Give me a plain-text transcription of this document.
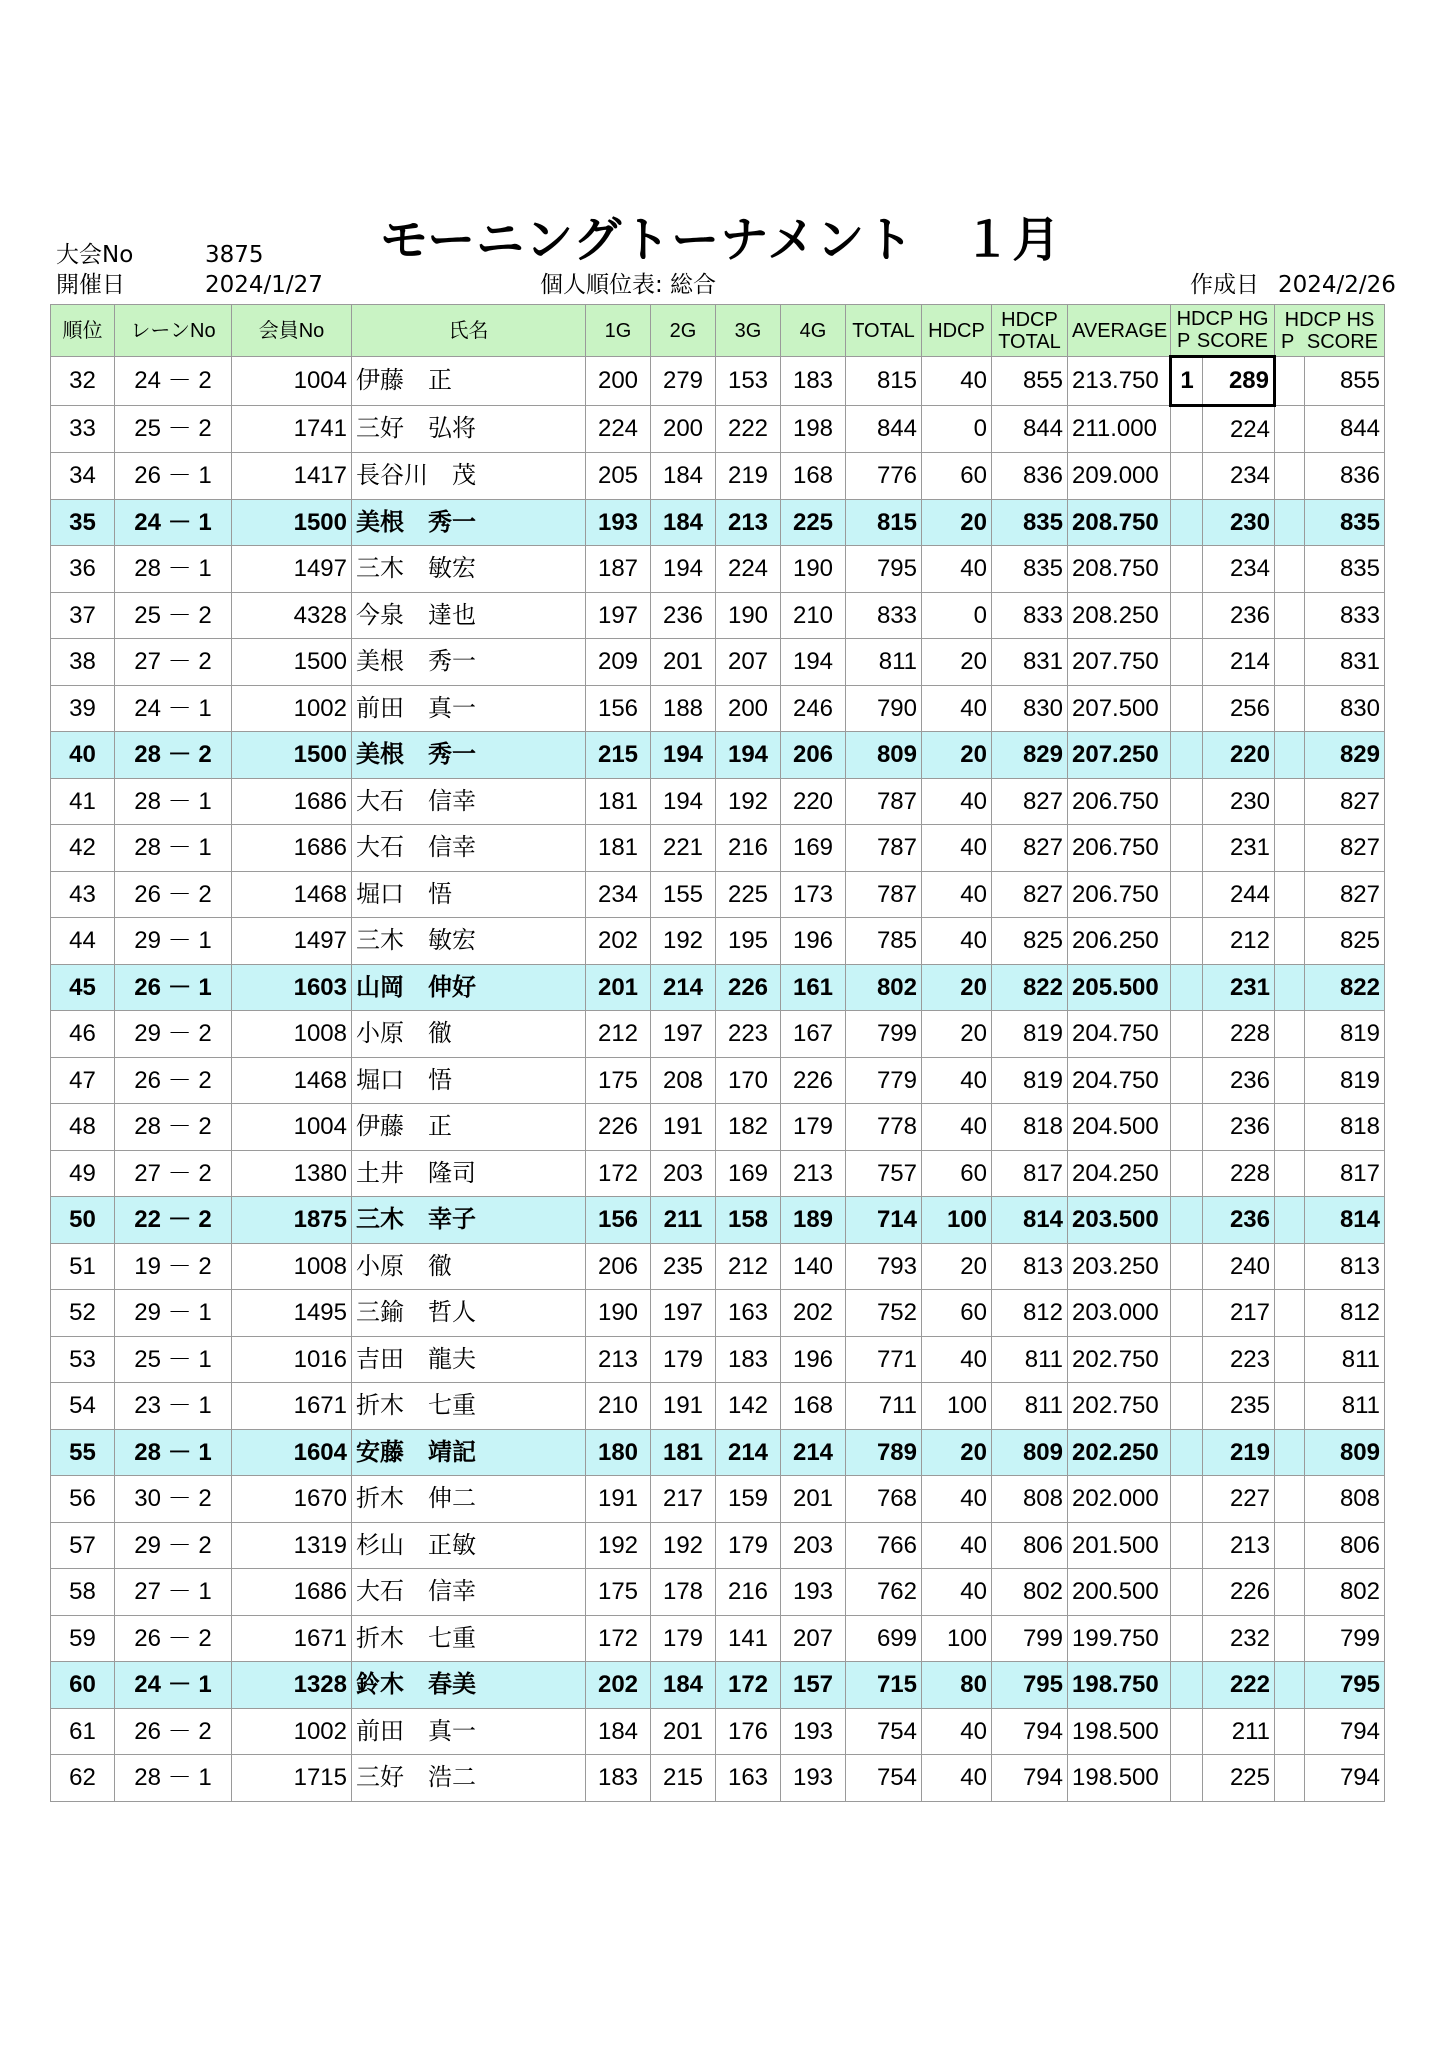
大会No	3875 モーニングトーナメント　１月
開催日	2024/1/27	個人順位表: 総合	作成日 2024/2/26
順位	レーンNo	会員No	氏名	1G	2G	3G	4G	TOTAL	HDCP	HDCP
TOTAL	AVERAGE	HDCP HG
P SCORE		HDCP HS
P SCORE	

32	24 － 2	1004	伊藤　正	200	279	153	183	815	40	855	213.750	1	289		855
33	25 － 2	1741	三好　弘将	224	200	222	198	844	0	844	211.000		224		844
34	26 － 1	1417	長谷川　茂	205	184	219	168	776	60	836	209.000		234		836
35	24 － 1	1500	美根　秀一	193	184	213	225	815	20	835	208.750		230		835
36	28 － 1	1497	三木　敏宏	187	194	224	190	795	40	835	208.750		234		835
37	25 － 2	4328	今泉　達也	197	236	190	210	833	0	833	208.250		236		833
38	27 － 2	1500	美根　秀一	209	201	207	194	811	20	831	207.750		214		831
39	24 － 1	1002	前田　真一	156	188	200	246	790	40	830	207.500		256		830
40	28 － 2	1500	美根　秀一	215	194	194	206	809	20	829	207.250		220		829
41	28 － 1	1686	大石　信幸	181	194	192	220	787	40	827	206.750		230		827
42	28 － 1	1686	大石　信幸	181	221	216	169	787	40	827	206.750		231		827
43	26 － 2	1468	堀口　悟	234	155	225	173	787	40	827	206.750		244		827
44	29 － 1	1497	三木　敏宏	202	192	195	196	785	40	825	206.250		212		825
45	26 － 1	1603	山岡　伸好	201	214	226	161	802	20	822	205.500		231		822
46	29 － 2	1008	小原　徹	212	197	223	167	799	20	819	204.750		228		819
47	26 － 2	1468	堀口　悟	175	208	170	226	779	40	819	204.750		236		819
48	28 － 2	1004	伊藤　正	226	191	182	179	778	40	818	204.500		236		818
49	27 － 2	1380	土井　隆司	172	203	169	213	757	60	817	204.250		228		817
50	22 － 2	1875	三木　幸子	156	211	158	189	714	100	814	203.500		236		814
51	19 － 2	1008	小原　徹	206	235	212	140	793	20	813	203.250		240		813
52	29 － 1	1495	三鍮　哲人	190	197	163	202	752	60	812	203.000		217		812
53	25 － 1	1016	吉田　龍夫	213	179	183	196	771	40	811	202.750		223		811
54	23 － 1	1671	折木　七重	210	191	142	168	711	100	811	202.750		235		811
55	28 － 1	1604	安藤　靖記	180	181	214	214	789	20	809	202.250		219		809
56	30 － 2	1670	折木　伸二	191	217	159	201	768	40	808	202.000		227		808
57	29 － 2	1319	杉山　正敏	192	192	179	203	766	40	806	201.500		213		806
58	27 － 1	1686	大石　信幸	175	178	216	193	762	40	802	200.500		226		802
59	26 － 2	1671	折木　七重	172	179	141	207	699	100	799	199.750		232		799
60	24 － 1	1328	鈴木　春美	202	184	172	157	715	80	795	198.750		222		795
61	26 － 2	1002	前田　真一	184	201	176	193	754	40	794	198.500		211		794
62	28 － 1	1715	三好　浩二	183	215	163	193	754	40	794	198.500		225		794
